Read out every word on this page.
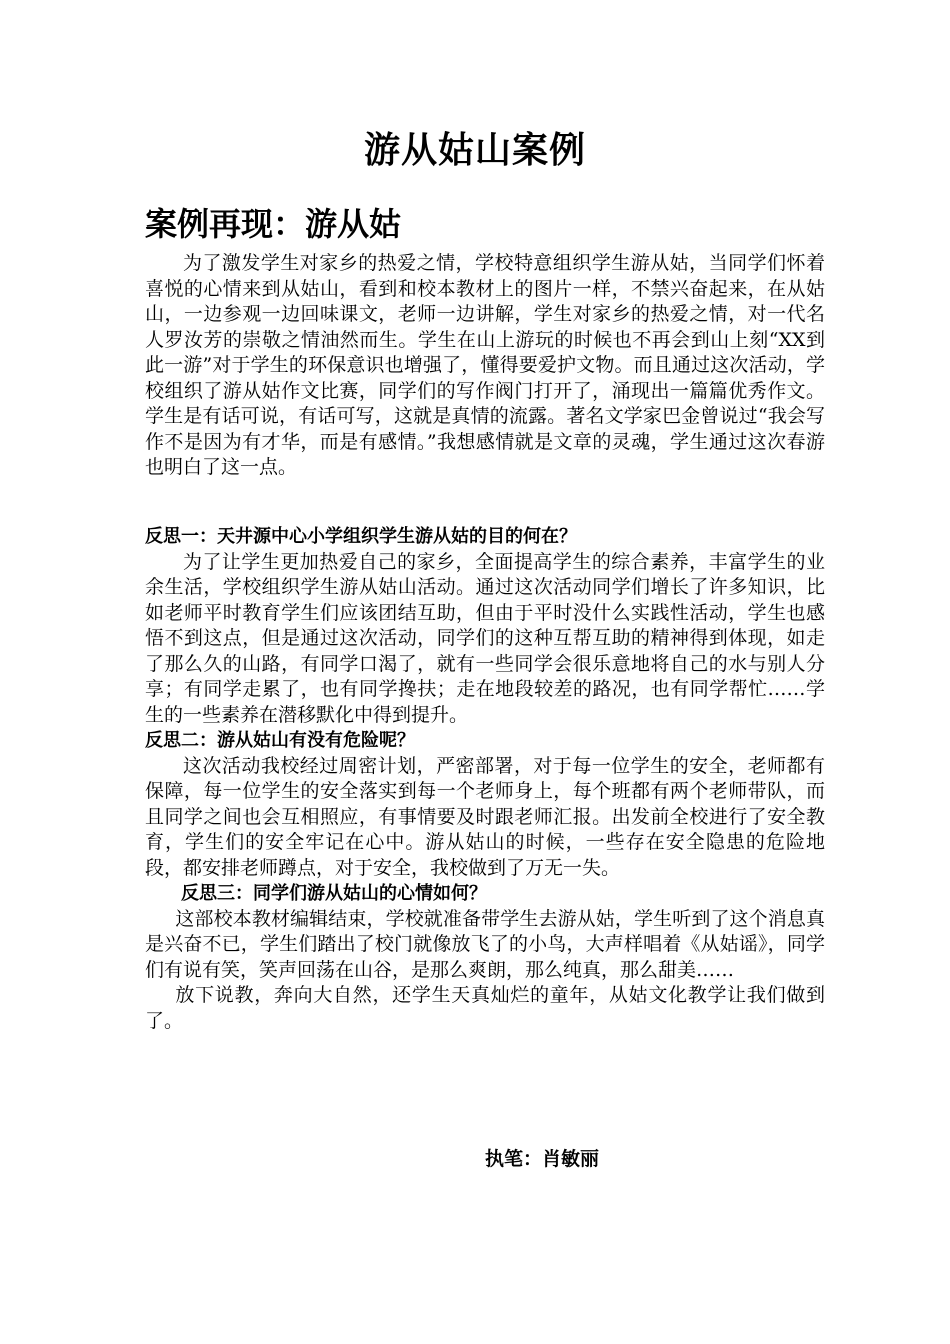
游从姑山案例
案例再现：游从姑

为了激发学生对家乡的热爱之情，学校特意组织学生游从姑，当同学们怀着喜悦的心情来到从姑山，看到和校本教材上的图片一样，不禁兴奋起来，在从姑山，一边参观一边回味课文，老师一边讲解，学生对家乡的热爱之情，对一代名人罗汝芳的崇敬之情油然而生。学生在山上游玩的时候也不再会到山上刻“XX到此一游”对于学生的环保意识也增强了，懂得要爱护文物。而且通过这次活动，学校组织了游从姑作文比赛，同学们的写作阀门打开了，涌现出一篇篇优秀作文。学生是有话可说，有话可写，这就是真情的流露。著名文学家巴金曾说过“我会写作不是因为有才华，而是有感情。”我想感情就是文章的灵魂，学生通过这次春游也明白了这一点。

反思一：天井源中心小学组织学生游从姑的目的何在？

为了让学生更加热爱自己的家乡，全面提高学生的综合素养，丰富学生的业余生活，学校组织学生游从姑山活动。通过这次活动同学们增长了许多知识，比如老师平时教育学生们应该团结互助，但由于平时没什么实践性活动，学生也感悟不到这点，但是通过这次活动，同学们的这种互帮互助的精神得到体现，如走了那么久的山路，有同学口渴了，就有一些同学会很乐意地将自己的水与别人分享；有同学走累了，也有同学搀扶；走在地段较差的路况，也有同学帮忙……学生的一些素养在潜移默化中得到提升。

反思二：游从姑山有没有危险呢？

这次活动我校经过周密计划，严密部署，对于每一位学生的安全，老师都有保障，每一位学生的安全落实到每一个老师身上，每个班都有两个老师带队，而且同学之间也会互相照应，有事情要及时跟老师汇报。出发前全校进行了安全教育，学生们的安全牢记在心中。游从姑山的时候，一些存在安全隐患的危险地段，都安排老师蹲点，对于安全，我校做到了万无一失。

反思三：同学们游从姑山的心情如何？

这部校本教材编辑结束，学校就准备带学生去游从姑，学生听到了这个消息真是兴奋不已，学生们踏出了校门就像放飞了的小鸟，大声样唱着《从姑谣》，同学们有说有笑，笑声回荡在山谷，是那么爽朗，那么纯真，那么甜美……

放下说教，奔向大自然，还学生天真灿烂的童年，从姑文化教学让我们做到了。

执笔：肖敏丽
